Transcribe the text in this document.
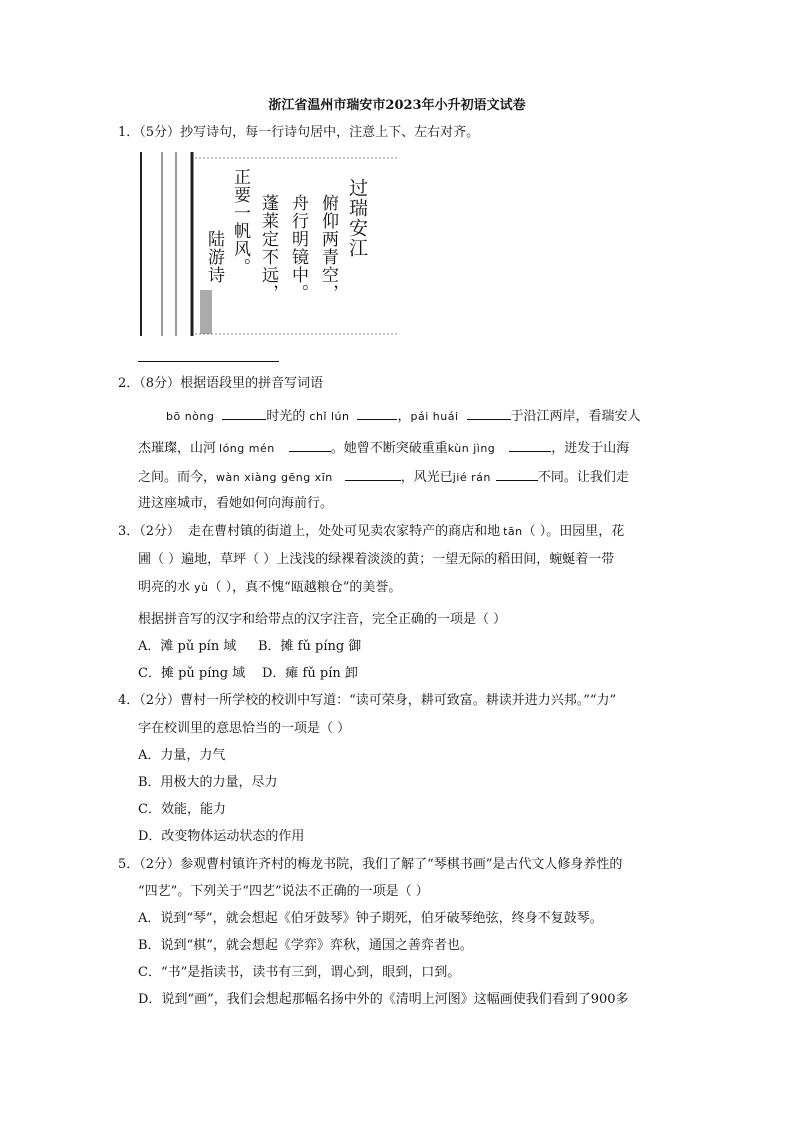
浙江省温州市瑞安市2023年小升初语文试卷
1．（5分）抄写诗句，每一行诗句居中，注意上下、左右对齐。
过瑞安江
俯仰两青空，
舟行明镜中。
蓬莱定不远，
正要一帆风。
陆游诗
2．（8分）根据语段里的拼音写词语
bō nòng	时光的 chǐ lún	，pái huái	于沿江两岸，看瑞安人
杰璀璨，山河 lóng mén	。她曾不断突破重重kùn jìng	，迸发于山海
之间。而今，wàn xiàng gēng xīn	，风光已jié rán	不同。让我们走
进这座城市，看她如何向海前行。
3．（2分） 走在曹村镇的街道上，处处可见卖农家特产的商店和地 tān（ ）。田园里，花
圃（ ）遍地，草坪（ ）上浅浅的绿裸着淡淡的黄；一望无际的稻田间，蜿蜒着一带
明亮的水 yù（ ），真不愧“瓯越粮仓”的美誉。
根据拼音写的汉字和给带点的汉字注音，完全正确的一项是（ ）
A．滩 pǔ pín 域 B．摊 fǔ píng 御
C．摊 pǔ píng 域 D．瘫 fǔ pín 卸
4．（2分）曹村一所学校的校训中写道：“读可荣身，耕可致富。耕读并进力兴邦。”“力”
字在校训里的意思恰当的一项是（ ）
A．力量，力气
B．用极大的力量，尽力
C．效能，能力
D．改变物体运动状态的作用
5．（2分）参观曹村镇许齐村的梅龙书院，我们了解了“琴棋书画”是古代文人修身养性的
“四艺”。下列关于“四艺”说法不正确的一项是（ ）
A．说到“琴”，就会想起《伯牙鼓琴》钟子期死，伯牙破琴绝弦，终身不复鼓琴。
B．说到“棋”，就会想起《学弈》弈秋，通国之善弈者也。
C．“书”是指读书，读书有三到，谓心到，眼到，口到。
D．说到“画”，我们会想起那幅名扬中外的《清明上河图》这幅画使我们看到了900多
